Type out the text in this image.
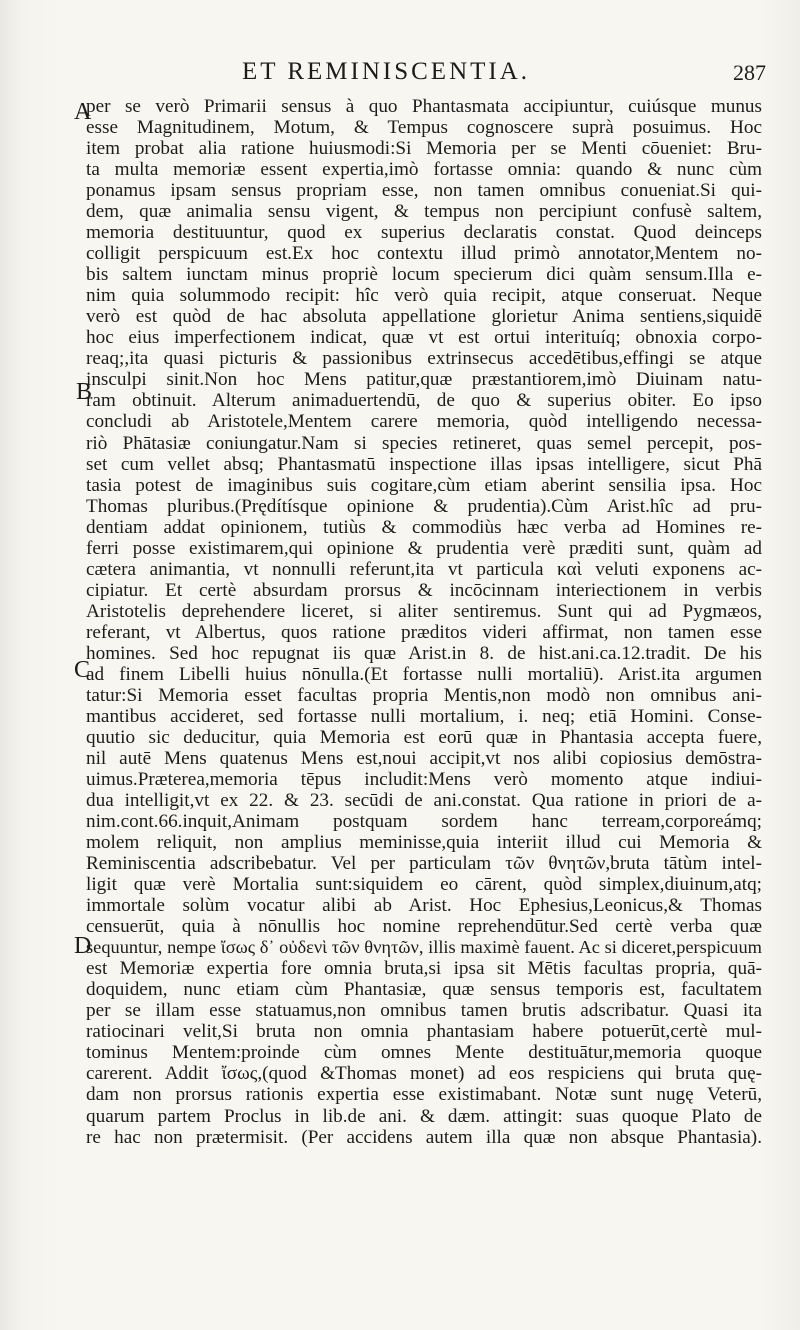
ET REMINISCENTIA.	287
A
B
C
D
per se verò Primarii sensus à quo Phantasmata accipiuntur, cuiúsque munus
esse Magnitudinem, Motum, & Tempus cognoscere suprà posuimus. Hoc
item probat alia ratione huiusmodi:Si Memoria per se Menti cōueniet: Bru-
ta multa memoriæ essent expertia,imò fortasse omnia: quando & nunc cùm
ponamus ipsam sensus propriam esse, non tamen omnibus conueniat.Si qui-
dem, quæ animalia sensu vigent, & tempus non percipiunt confusè saltem,
memoria destituuntur, quod ex superius declaratis constat. Quod deinceps
colligit perspicuum est.Ex hoc contextu illud primò annotator,Mentem no-
bis saltem iunctam minus propriè locum specierum dici quàm sensum.Illa e-
nim quia solummodo recipit: hîc verò quia recipit, atque conseruat. Neque
verò est quòd de hac absoluta appellatione glorietur Anima sentiens,siquidē
hoc eius imperfectionem indicat, quæ vt est ortui interituíq; obnoxia corpo-
reaq;,ita quasi picturis & passionibus extrinsecus accedētibus,effingi se atque
insculpi sinit.Non hoc Mens patitur,quæ præstantiorem,imò Diuinam natu-
ram obtinuit. Alterum animaduertendū, de quo & superius obiter. Eo ipso
concludi ab Aristotele,Mentem carere memoria, quòd intelligendo necessa-
riò Phātasiæ coniungatur.Nam si species retineret, quas semel percepit, pos-
set cum vellet absq; Phantasmatū inspectione illas ipsas intelligere, sicut Phā
tasia potest de imaginibus suis cogitare,cùm etiam aberint sensilia ipsa. Hoc
Thomas pluribus.(Prędítísque opinione & prudentia).Cùm Arist.hîc ad pru-
dentiam addat opinionem, tutiùs & commodiùs hæc verba ad Homines re-
ferri posse existimarem,qui opinione & prudentia verè præditi sunt, quàm ad
cætera animantia, vt nonnulli referunt,ita vt particula καὶ veluti exponens ac-
cipiatur. Et certè absurdam prorsus & incōcinnam interiectionem in verbis
Aristotelis deprehendere liceret, si aliter sentiremus. Sunt qui ad Pygmæos,
referant, vt Albertus, quos ratione præditos videri affirmat, non tamen esse
homines. Sed hoc repugnat iis quæ Arist.in 8. de hist.ani.ca.12.tradit. De his
ad finem Libelli huius nōnulla.(Et fortasse nulli mortaliū). Arist.ita argumen
tatur:Si Memoria esset facultas propria Mentis,non modò non omnibus ani-
mantibus accideret, sed fortasse nulli mortalium, i. neq; etiā Homini. Conse-
quutio sic deducitur, quia Memoria est eorū quæ in Phantasia accepta fuere,
nil autē Mens quatenus Mens est,noui accipit,vt nos alibi copiosius demōstra-
uimus.Præterea,memoria tēpus includit:Mens verò momento atque indiui-
dua intelligit,vt ex 22. & 23. secūdi de ani.constat. Qua ratione in priori de a-
nim.cont.66.inquit,Animam postquam sordem hanc terream,corporeámq;
molem reliquit, non amplius meminisse,quia interiit illud cui Memoria &
Reminiscentia adscribebatur. Vel per particulam τῶν θνητῶν,bruta tātùm intel-
ligit quæ verè Mortalia sunt:siquidem eo cārent, quòd simplex,diuinum,atq;
immortale solùm vocatur alibi ab Arist. Hoc Ephesius,Leonicus,& Thomas
censuerūt, quia à nōnullis hoc nomine reprehendūtur.Sed certè verba quæ
sequuntur, nempe ἴσως δ᾽ οὐδενὶ τῶν θνητῶν, illis maximè fauent. Ac si diceret,perspicuum
est Memoriæ expertia fore omnia bruta,si ipsa sit Mētis facultas propria, quā-
doquidem, nunc etiam cùm Phantasiæ, quæ sensus temporis est, facultatem
per se illam esse statuamus,non omnibus tamen brutis adscribatur. Quasi ita
ratiocinari velit,Si bruta non omnia phantasiam habere potuerūt,certè mul-
tominus Mentem:proinde cùm omnes Mente destituātur,memoria quoque
carerent. Addit ἴσως,(quod &Thomas monet) ad eos respiciens qui bruta quę-
dam non prorsus rationis expertia esse existimabant. Notæ sunt nugę Veterū,
quarum partem Proclus in lib.de ani. & dæm. attingit: suas quoque Plato de
re hac non prætermisit. (Per accidens autem illa quæ non absque Phantasia).
